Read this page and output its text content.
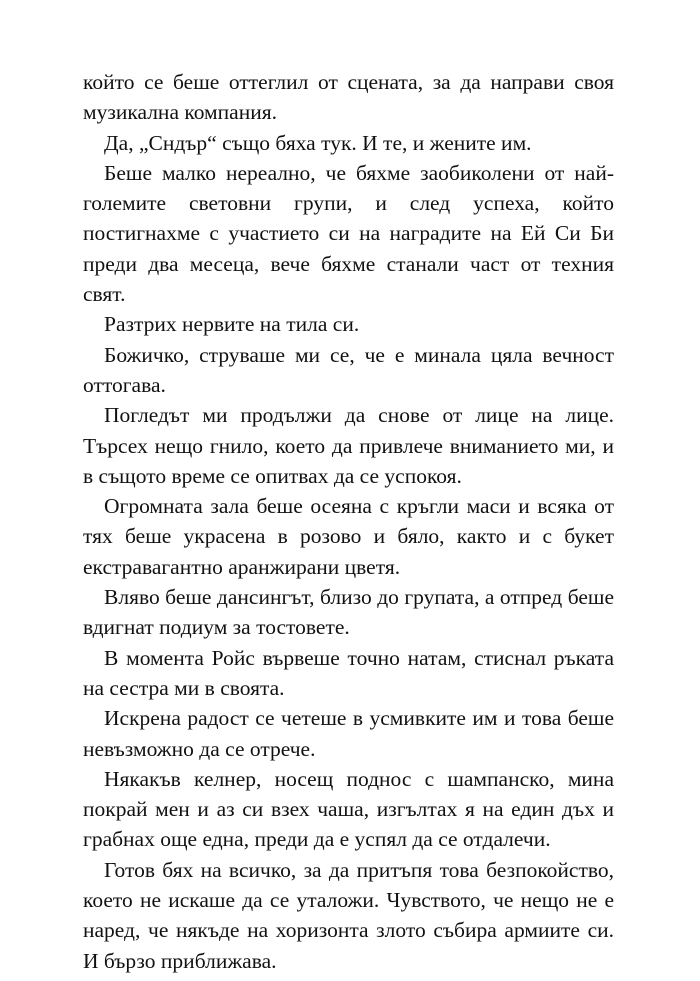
който се беше оттеглил от сцената, за да направи своя музикална компания.

Да, „Сндър“ също бяха тук. И те, и жените им.

Беше малко нереално, че бяхме заобиколени от най-големите световни групи, и след успеха, който постигнахме с участието си на наградите на Ей Си Би преди два месеца, вече бяхме станали част от техния свят.

Разтрих нервите на тила си.

Божичко, струваше ми се, че е минала цяла вечност оттогава.

Погледът ми продължи да снове от лице на лице. Търсех нещо гнило, което да привлече вниманието ми, и в същото време се опитвах да се успокоя.

Огромната зала беше осеяна с кръгли маси и всяка от тях беше украсена в розово и бяло, както и с букет екстравагантно аранжирани цветя.

Вляво беше дансингът, близо до групата, а отпред беше вдигнат подиум за тостовете.

В момента Ройс вървеше точно натам, стиснал ръката на сестра ми в своята.

Искрена радост се четеше в усмивките им и това беше невъзможно да се отрече.

Някакъв келнер, носещ поднос с шампанско, мина покрай мен и аз си взех чаша, изгълтах я на един дъх и грабнах още една, преди да е успял да се отдалечи.

Готов бях на всичко, за да притъпя това безпокойство, което не искаше да се уталожи. Чувството, че нещо не е наред, че някъде на хоризонта злото събира армиите си. И бързо приближава.
